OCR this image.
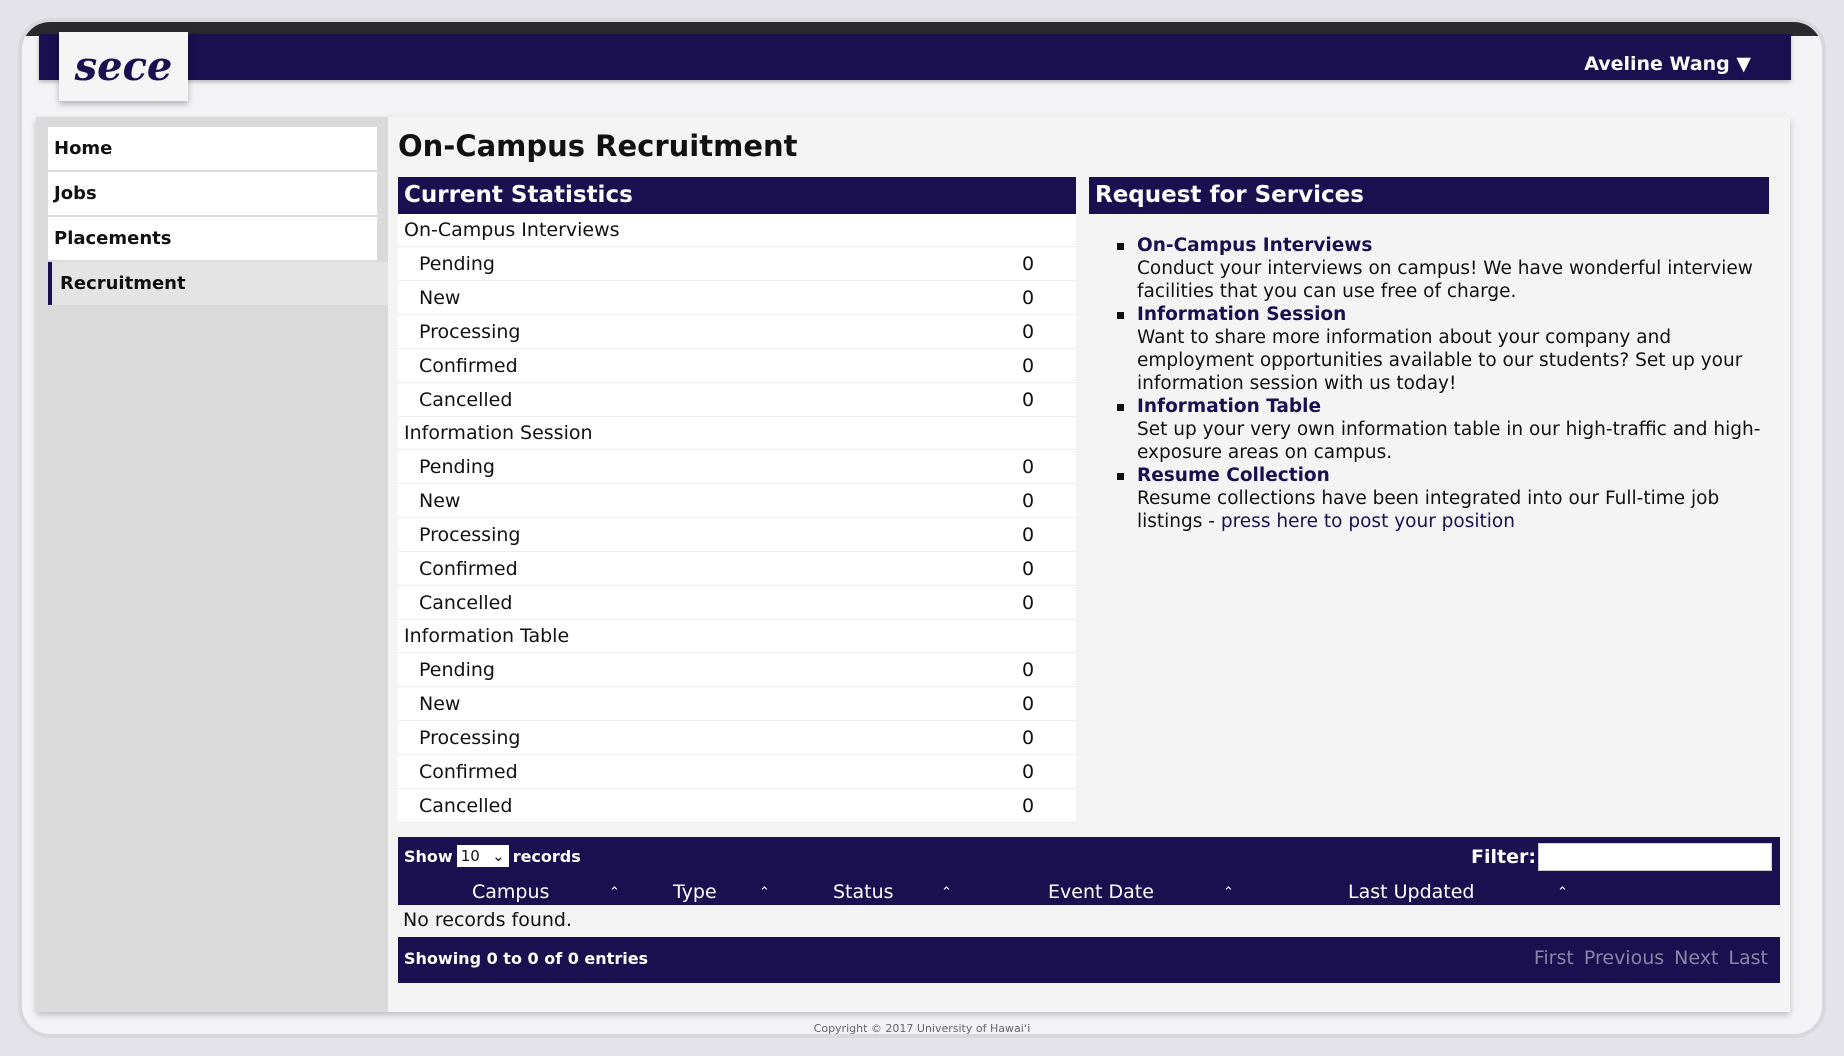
Aveline Wang ▼
sece
Home
Jobs
Placements
Recruitment
On-Campus Recruitment
Current Statistics
On-Campus Interviews
Pending	0
New	0
Processing	0
Confirmed	0
Cancelled	0
Information Session
Pending	0
New	0
Processing	0
Confirmed	0
Cancelled	0
Information Table
Pending	0
New	0
Processing	0
Confirmed	0
Cancelled	0
Request for Services
On-Campus Interviews
Conduct your interviews on campus! We have wonderful interview facilities that you can use free of charge.
Information Session
Want to share more information about your company and employment opportunities available to our students? Set up your information session with us today!
Information Table
Set up your very own information table in our high-traffic and high-exposure areas on campus.
Resume Collection
Resume collections have been integrated into our Full-time job listings - press here to post your position
Show 10 ⌄ records	Filter:
Campus	⌃	Type	⌃	Status	⌃	Event Date	⌃	Last Updated	⌃
No records found.
Showing 0 to 0 of 0 entries	First Previous Next Last
Copyright © 2017 University of Hawaiʻi
